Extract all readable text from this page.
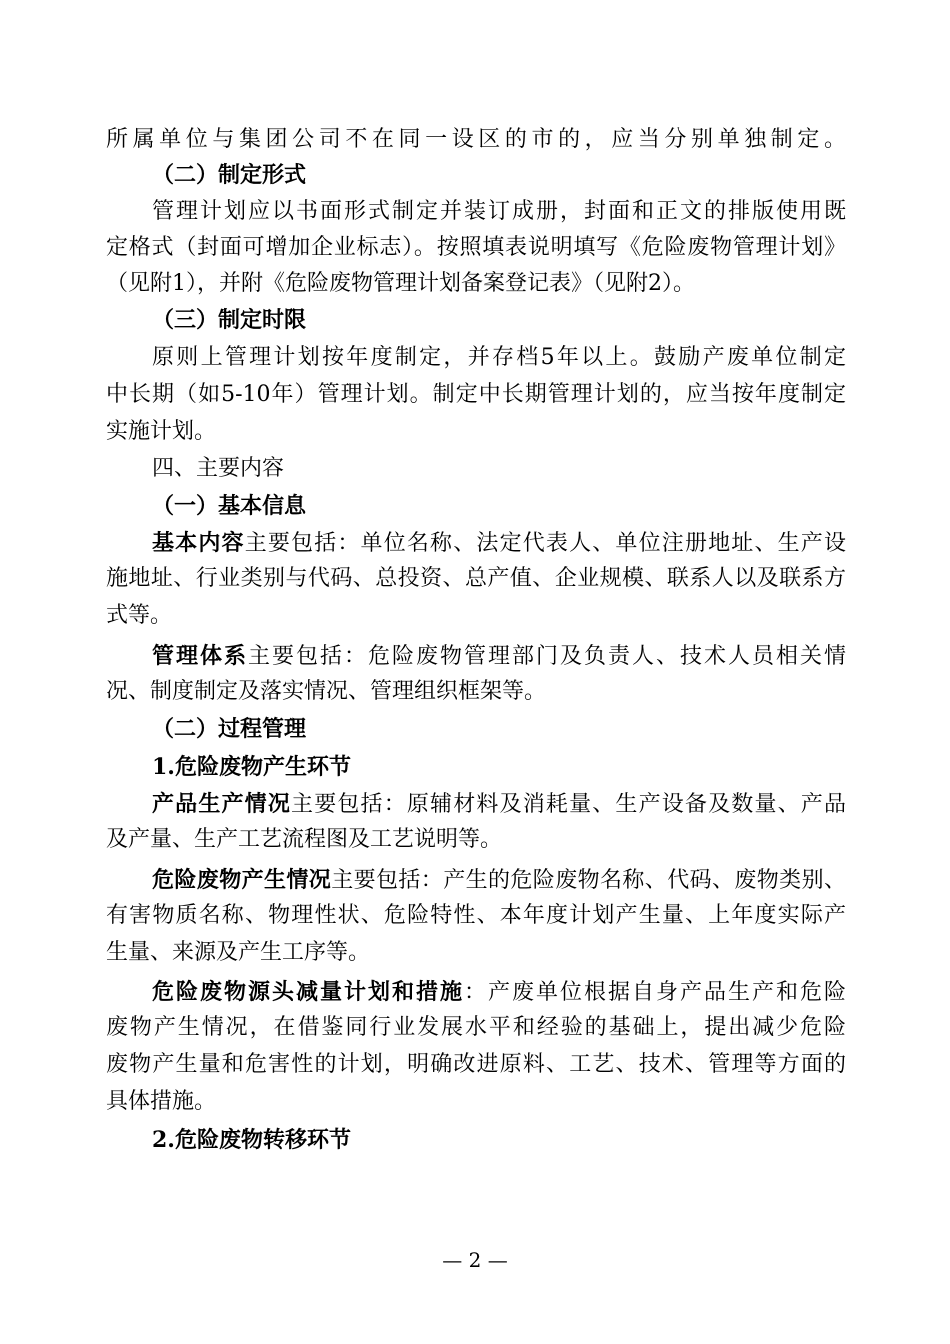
所属单位与集团公司不在同一设区的市的，应当分别单独制定。
（二）制定形式
管理计划应以书面形式制定并装订成册，封面和正文的排版使用既
定格式（封面可增加企业标志）。按照填表说明填写《危险废物管理计划》
（见附1），并附《危险废物管理计划备案登记表》（见附2）。
（三）制定时限
原则上管理计划按年度制定，并存档5年以上。鼓励产废单位制定
中长期（如5-10年）管理计划。制定中长期管理计划的，应当按年度制定
实施计划。
四、主要内容
（一）基本信息
基本内容主要包括：单位名称、法定代表人、单位注册地址、生产设
施地址、行业类别与代码、总投资、总产值、企业规模、联系人以及联系方
式等。
管理体系主要包括：危险废物管理部门及负责人、技术人员相关情
况、制度制定及落实情况、管理组织框架等。
（二）过程管理
1.危险废物产生环节
产品生产情况主要包括：原辅材料及消耗量、生产设备及数量、产品
及产量、生产工艺流程图及工艺说明等。
危险废物产生情况主要包括：产生的危险废物名称、代码、废物类别、
有害物质名称、物理性状、危险特性、本年度计划产生量、上年度实际产
生量、来源及产生工序等。
危险废物源头减量计划和措施：产废单位根据自身产品生产和危险
废物产生情况，在借鉴同行业发展水平和经验的基础上，提出减少危险
废物产生量和危害性的计划，明确改进原料、工艺、技术、管理等方面的
具体措施。
2.危险废物转移环节
— 2 —
